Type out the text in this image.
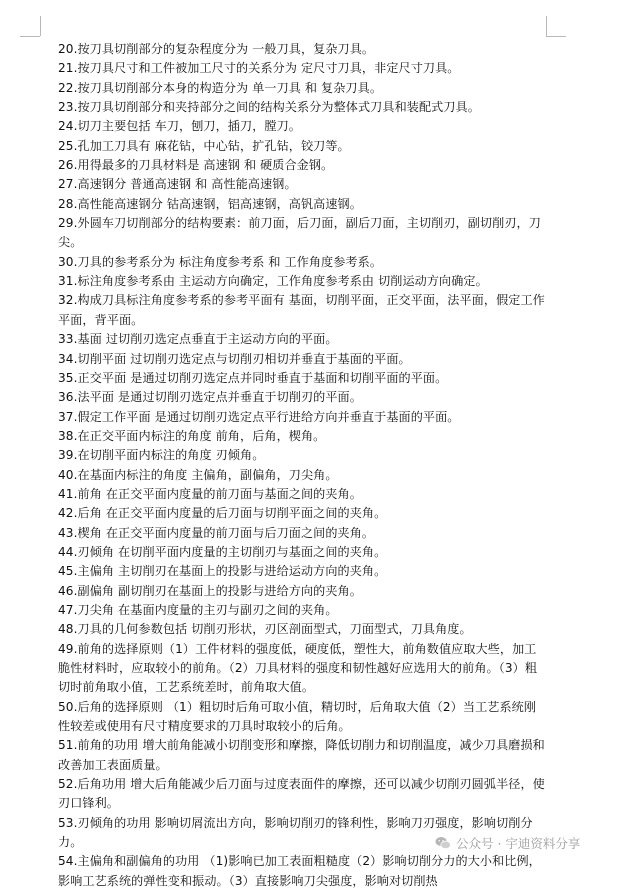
20.按刀具切削部分的复杂程度分为 一般刀具，复杂刀具。

21.按刀具尺寸和工件被加工尺寸的关系分为 定尺寸刀具，非定尺寸刀具。

22.按刀具切削部分本身的构造分为 单一刀具 和 复杂刀具。

23.按刀具切削部分和夹持部分之间的结构关系分为整体式刀具和装配式刀具。

24.切刀主要包括 车刀，刨刀，插刀，膛刀。

25.孔加工刀具有 麻花钻，中心钻，扩孔钻，铰刀等。

26.用得最多的刀具材料是 高速钢 和 硬质合金钢。

27.高速钢分 普通高速钢 和 高性能高速钢。

28.高性能高速钢分 钴高速钢，铝高速钢，高钒高速钢。

29.外圆车刀切削部分的结构要素：前刀面，后刀面，副后刀面，主切削刃，副切削刃，刀尖。

30.刀具的参考系分为 标注角度参考系 和 工作角度参考系。

31.标注角度参考系由 主运动方向确定，工作角度参考系由 切削运动方向确定。

32.构成刀具标注角度参考系的参考平面有 基面，切削平面，正交平面，法平面，假定工作平面，背平面。

33.基面 过切削刃选定点垂直于主运动方向的平面。

34.切削平面 过切削刃选定点与切削刃相切并垂直于基面的平面。

35.正交平面 是通过切削刃选定点并同时垂直于基面和切削平面的平面。

36.法平面 是通过切削刃选定点并垂直于切削刃的平面。

37.假定工作平面 是通过切削刃选定点平行进给方向并垂直于基面的平面。

38.在正交平面内标注的角度 前角，后角，楔角。

39.在切削平面内标注的角度 刃倾角。

40.在基面内标注的角度 主偏角，副偏角，刀尖角。

41.前角 在正交平面内度量的前刀面与基面之间的夹角。

42.后角 在正交平面内度量的后刀面与切削平面之间的夹角。

43.楔角 在正交平面内度量的前刀面与后刀面之间的夹角。

44.刃倾角 在切削平面内度量的主切削刃与基面之间的夹角。

45.主偏角 主切削刃在基面上的投影与进给运动方向的夹角。

46.副偏角 副切削刃在基面上的投影与进给方向的夹角。

47.刀尖角 在基面内度量的主刃与副刃之间的夹角。

48.刀具的几何参数包括 切削刃形状，刃区剖面型式，刀面型式，刀具角度。

49.前角的选择原则（1）工件材料的强度低，硬度低，塑性大，前角数值应取大些，加工脆性材料时，应取较小的前角。（2）刀具材料的强度和韧性越好应选用大的前角。（3）粗切时前角取小值，工艺系统差时，前角取大值。

50.后角的选择原则 （1）粗切时后角可取小值，精切时，后角取大值（2）当工艺系统刚性较差或使用有尺寸精度要求的刀具时取较小的后角。

51.前角的功用 增大前角能减小切削变形和摩擦，降低切削力和切削温度，减少刀具磨损和改善加工表面质量。

52.后角功用 增大后角能减少后刀面与过度表面件的摩擦，还可以减少切削刃圆弧半径，使刃口锋利。

53.刃倾角的功用 影响切屑流出方向，影响切削刃的锋利性，影响刀刃强度，影响切削分力。

54.主偏角和副偏角的功用 （1)影响已加工表面粗糙度（2）影响切削分力的大小和比例，影响工艺系统的弹性变和振动。（3）直接影响刀尖强度，影响对切削热

公众号 · 宇迪资料分享
